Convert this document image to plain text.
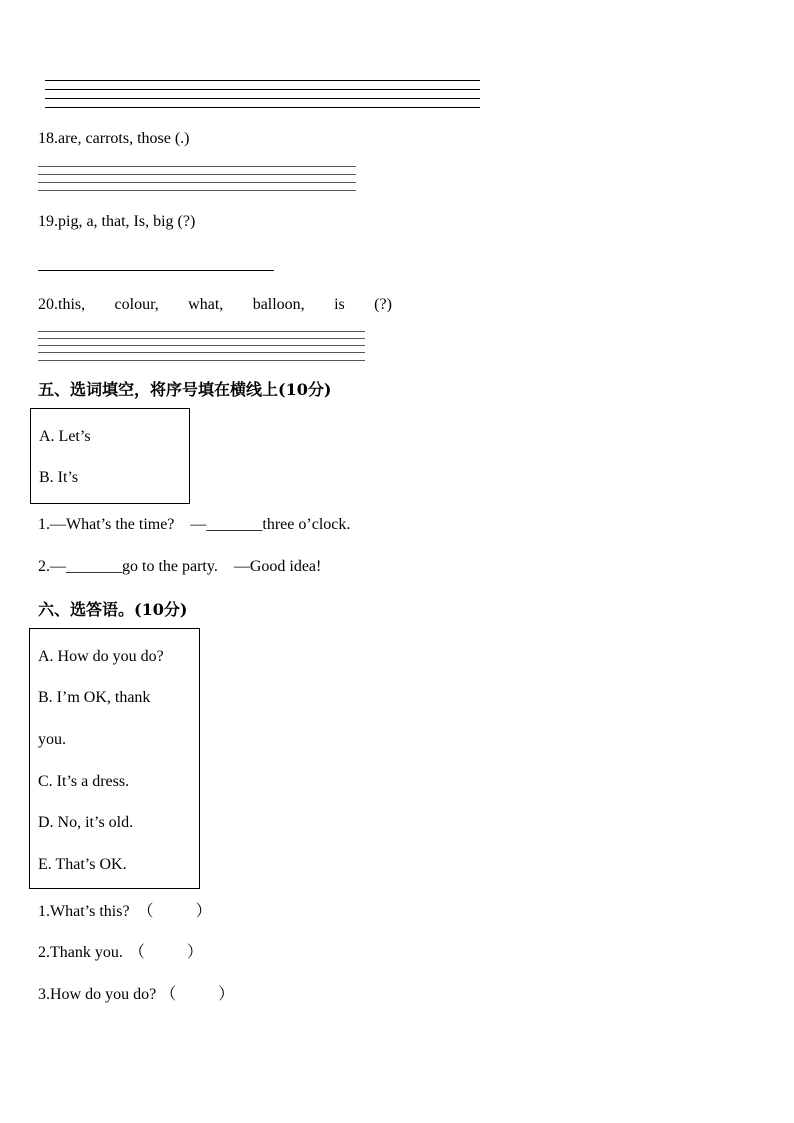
18.are, carrots, those (.)
19.pig, a, that, Is, big (?)
20.this, colour, what, balloon, is (?)
五、选词填空，将序号填在横线上(10分)
A. Let’s
B. It’s
1.—What’s the time? —_______three o’clock.
2.—_______go to the party. —Good idea!
六、选答语。(10分)
A. How do you do?
B. I’m OK, thank
you.
C. It’s a dress.
D. No, it’s old.
E. That’s OK.
1.What’s this? （	）
2.Thank you. （	）
3.How do you do? （	）
